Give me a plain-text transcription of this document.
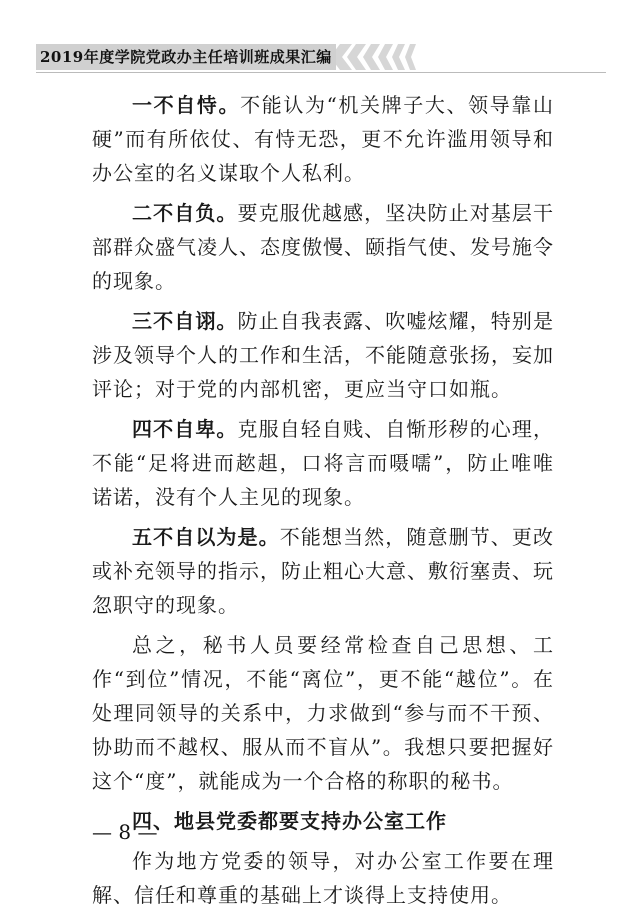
2019年度学院党政办主任培训班成果汇编

一不自恃。不能认为“机关牌子大、领导靠山硬”而有所依仗、有恃无恐，更不允许滥用领导和办公室的名义谋取个人私利。

二不自负。要克服优越感，坚决防止对基层干部群众盛气凌人、态度傲慢、颐指气使、发号施令的现象。

三不自诩。防止自我表露、吹嘘炫耀，特别是涉及领导个人的工作和生活，不能随意张扬，妄加评论；对于党的内部机密，更应当守口如瓶。

四不自卑。克服自轻自贱、自惭形秽的心理，不能“足将进而趑趄，口将言而嗫嚅”，防止唯唯诺诺，没有个人主见的现象。

五不自以为是。不能想当然，随意删节、更改或补充领导的指示，防止粗心大意、敷衍塞责、玩忽职守的现象。

总之，秘书人员要经常检查自己思想、工作“到位”情况，不能“离位”，更不能“越位”。在处理同领导的关系中，力求做到“参与而不干预、协助而不越权、服从而不盲从”。我想只要把握好这个“度”，就能成为一个合格的称职的秘书。

四、地县党委都要支持办公室工作

作为地方党委的领导，对办公室工作要在理解、信任和尊重的基础上才谈得上支持使用。

— 8 —
